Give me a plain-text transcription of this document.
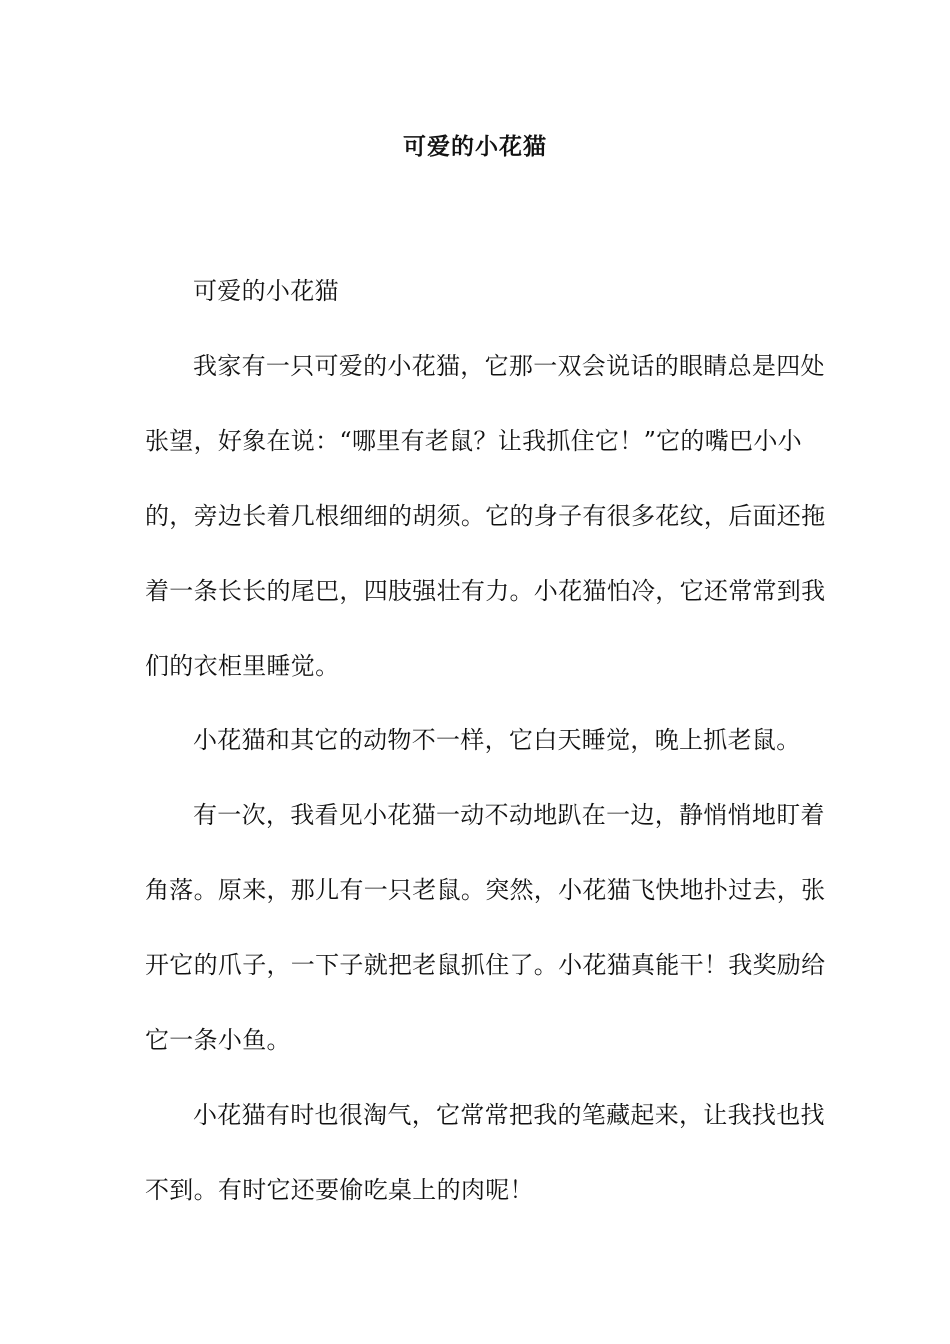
可爱的小花猫

可爱的小花猫

我家有一只可爱的小花猫，它那一双会说话的眼睛总是四处张望，好象在说：“哪里有老鼠？让我抓住它！”它的嘴巴小小的，旁边长着几根细细的胡须。它的身子有很多花纹，后面还拖着一条长长的尾巴，四肢强壮有力。小花猫怕冷，它还常常到我们的衣柜里睡觉。

小花猫和其它的动物不一样，它白天睡觉，晚上抓老鼠。

有一次，我看见小花猫一动不动地趴在一边，静悄悄地盯着角落。原来，那儿有一只老鼠。突然，小花猫飞快地扑过去，张开它的爪子，一下子就把老鼠抓住了。小花猫真能干！我奖励给它一条小鱼。

小花猫有时也很淘气，它常常把我的笔藏起来，让我找也找不到。有时它还要偷吃桌上的肉呢！
